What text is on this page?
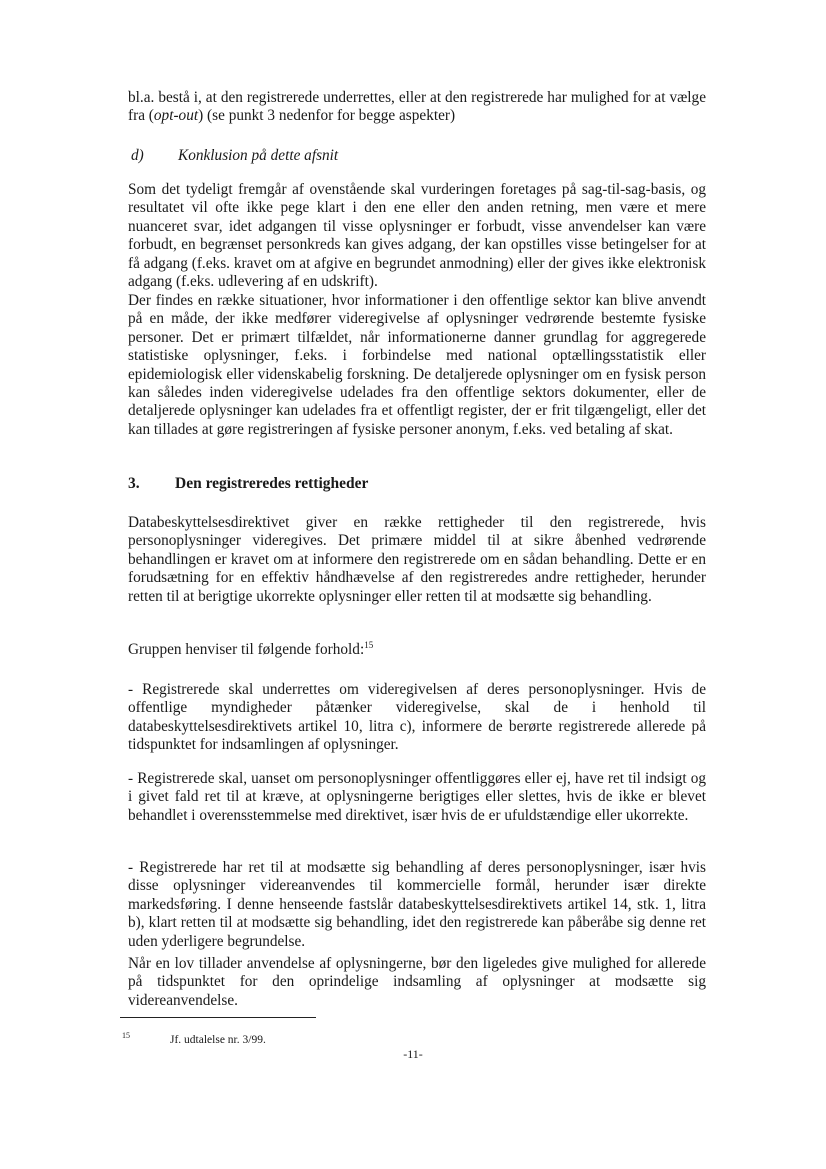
bl.a. bestå i, at den registrerede underrettes, eller at den registrerede har mulighed for at vælge fra (opt-out) (se punkt 3 nedenfor for begge aspekter)

d) Konklusion på dette afsnit

Som det tydeligt fremgår af ovenstående skal vurderingen foretages på sag-til-sag-basis, og resultatet vil ofte ikke pege klart i den ene eller den anden retning, men være et mere nuanceret svar, idet adgangen til visse oplysninger er forbudt, visse anvendelser kan være forbudt, en begrænset personkreds kan gives adgang, der kan opstilles visse betingelser for at få adgang (f.eks. kravet om at afgive en begrundet anmodning) eller der gives ikke elektronisk adgang (f.eks. udlevering af en udskrift).

Der findes en række situationer, hvor informationer i den offentlige sektor kan blive anvendt på en måde, der ikke medfører videregivelse af oplysninger vedrørende bestemte fysiske personer. Det er primært tilfældet, når informationerne danner grundlag for aggregerede statistiske oplysninger, f.eks. i forbindelse med national optællingsstatistik eller epidemiologisk eller videnskabelig forskning. De detaljerede oplysninger om en fysisk person kan således inden videregivelse udelades fra den offentlige sektors dokumenter, eller de detaljerede oplysninger kan udelades fra et offentligt register, der er frit tilgængeligt, eller det kan tillades at gøre registreringen af fysiske personer anonym, f.eks. ved betaling af skat.

3. Den registreredes rettigheder

Databeskyttelsesdirektivet giver en række rettigheder til den registrerede, hvis personoplysninger videregives. Det primære middel til at sikre åbenhed vedrørende behandlingen er kravet om at informere den registrerede om en sådan behandling. Dette er en forudsætning for en effektiv håndhævelse af den registreredes andre rettigheder, herunder retten til at berigtige ukorrekte oplysninger eller retten til at modsætte sig behandling.

Gruppen henviser til følgende forhold:$^{15}$

- Registrerede skal underrettes om videregivelsen af deres personoplysninger. Hvis de offentlige myndigheder påtænker videregivelse, skal de i henhold til databeskyttelsesdirektivets artikel 10, litra c), informere de berørte registrerede allerede på tidspunktet for indsamlingen af oplysninger.

- Registrerede skal, uanset om personoplysninger offentliggøres eller ej, have ret til indsigt og i givet fald ret til at kræve, at oplysningerne berigtiges eller slettes, hvis de ikke er blevet behandlet i overensstemmelse med direktivet, især hvis de er ufuldstændige eller ukorrekte.

- Registrerede har ret til at modsætte sig behandling af deres personoplysninger, især hvis disse oplysninger videreanvendes til kommercielle formål, herunder især direkte markedsføring. I denne henseende fastslår databeskyttelsesdirektivets artikel 14, stk. 1, litra b), klart retten til at modsætte sig behandling, idet den registrerede kan påberåbe sig denne ret uden yderligere begrundelse.

Når en lov tillader anvendelse af oplysningerne, bør den ligeledes give mulighed for allerede på tidspunktet for den oprindelige indsamling af oplysninger at modsætte sig videreanvendelse.

15	Jf. udtalelse nr. 3/99.
-11-
